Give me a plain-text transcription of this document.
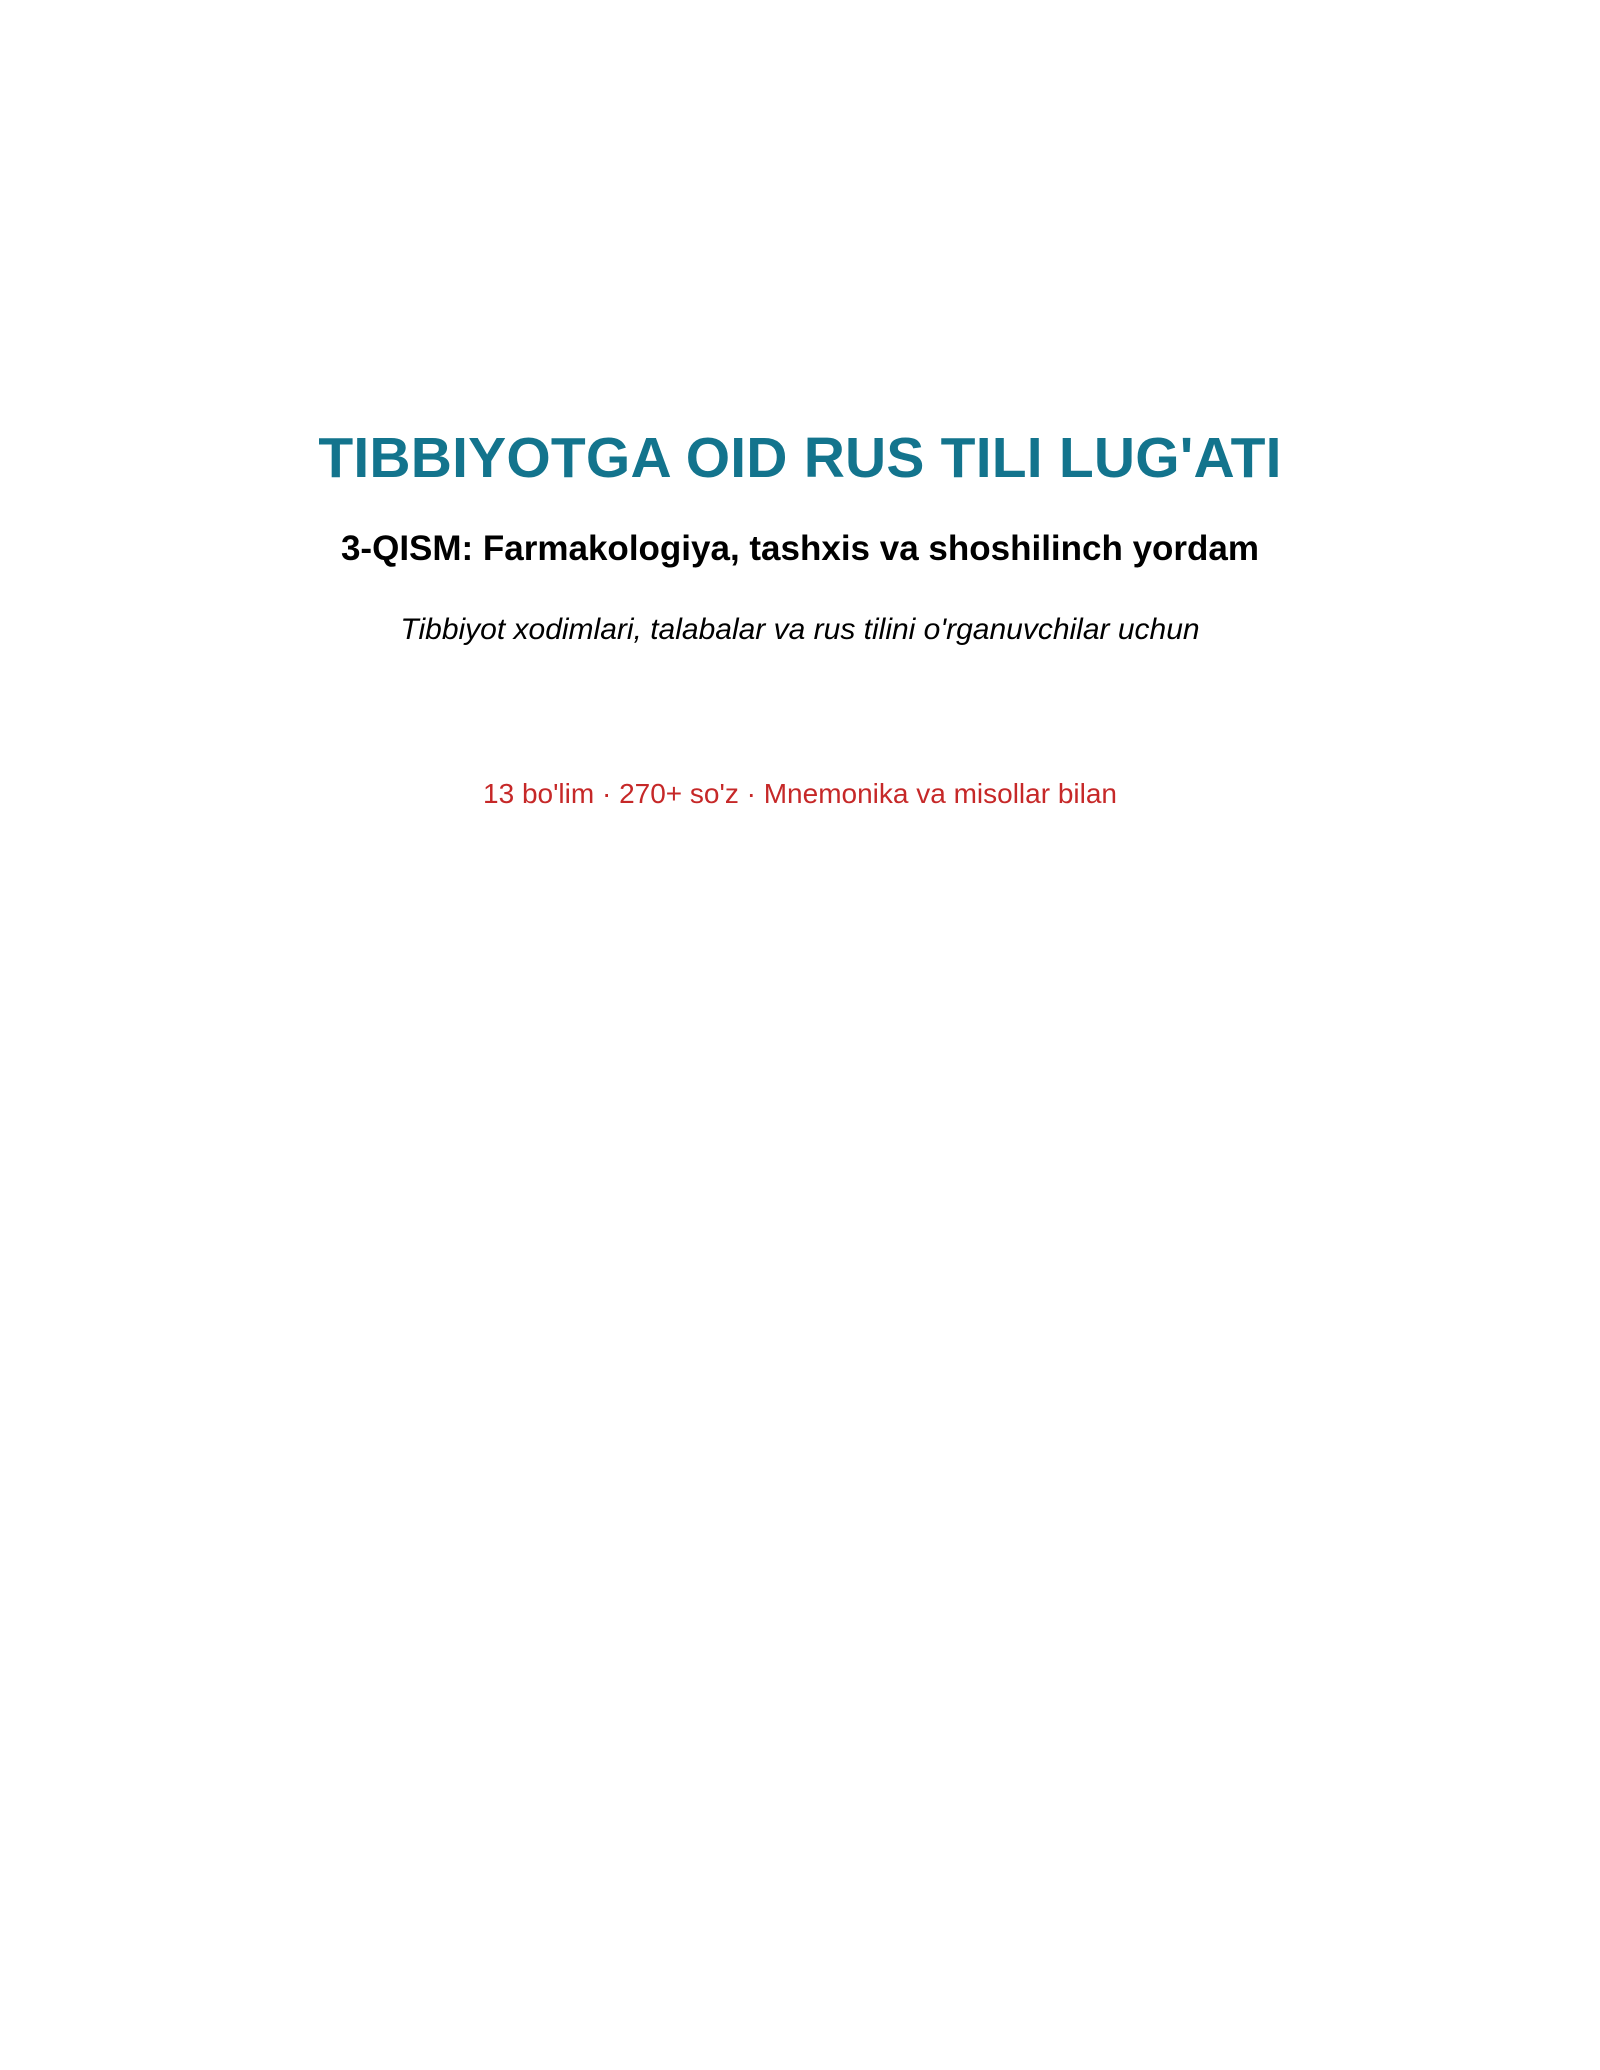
TIBBIYOTGA OID RUS TILI LUG'ATI
3-QISM: Farmakologiya, tashxis va shoshilinch yordam

Tibbiyot xodimlari, talabalar va rus tilini o'rganuvchilar uchun

13 bo'lim · 270+ so'z · Mnemonika va misollar bilan
